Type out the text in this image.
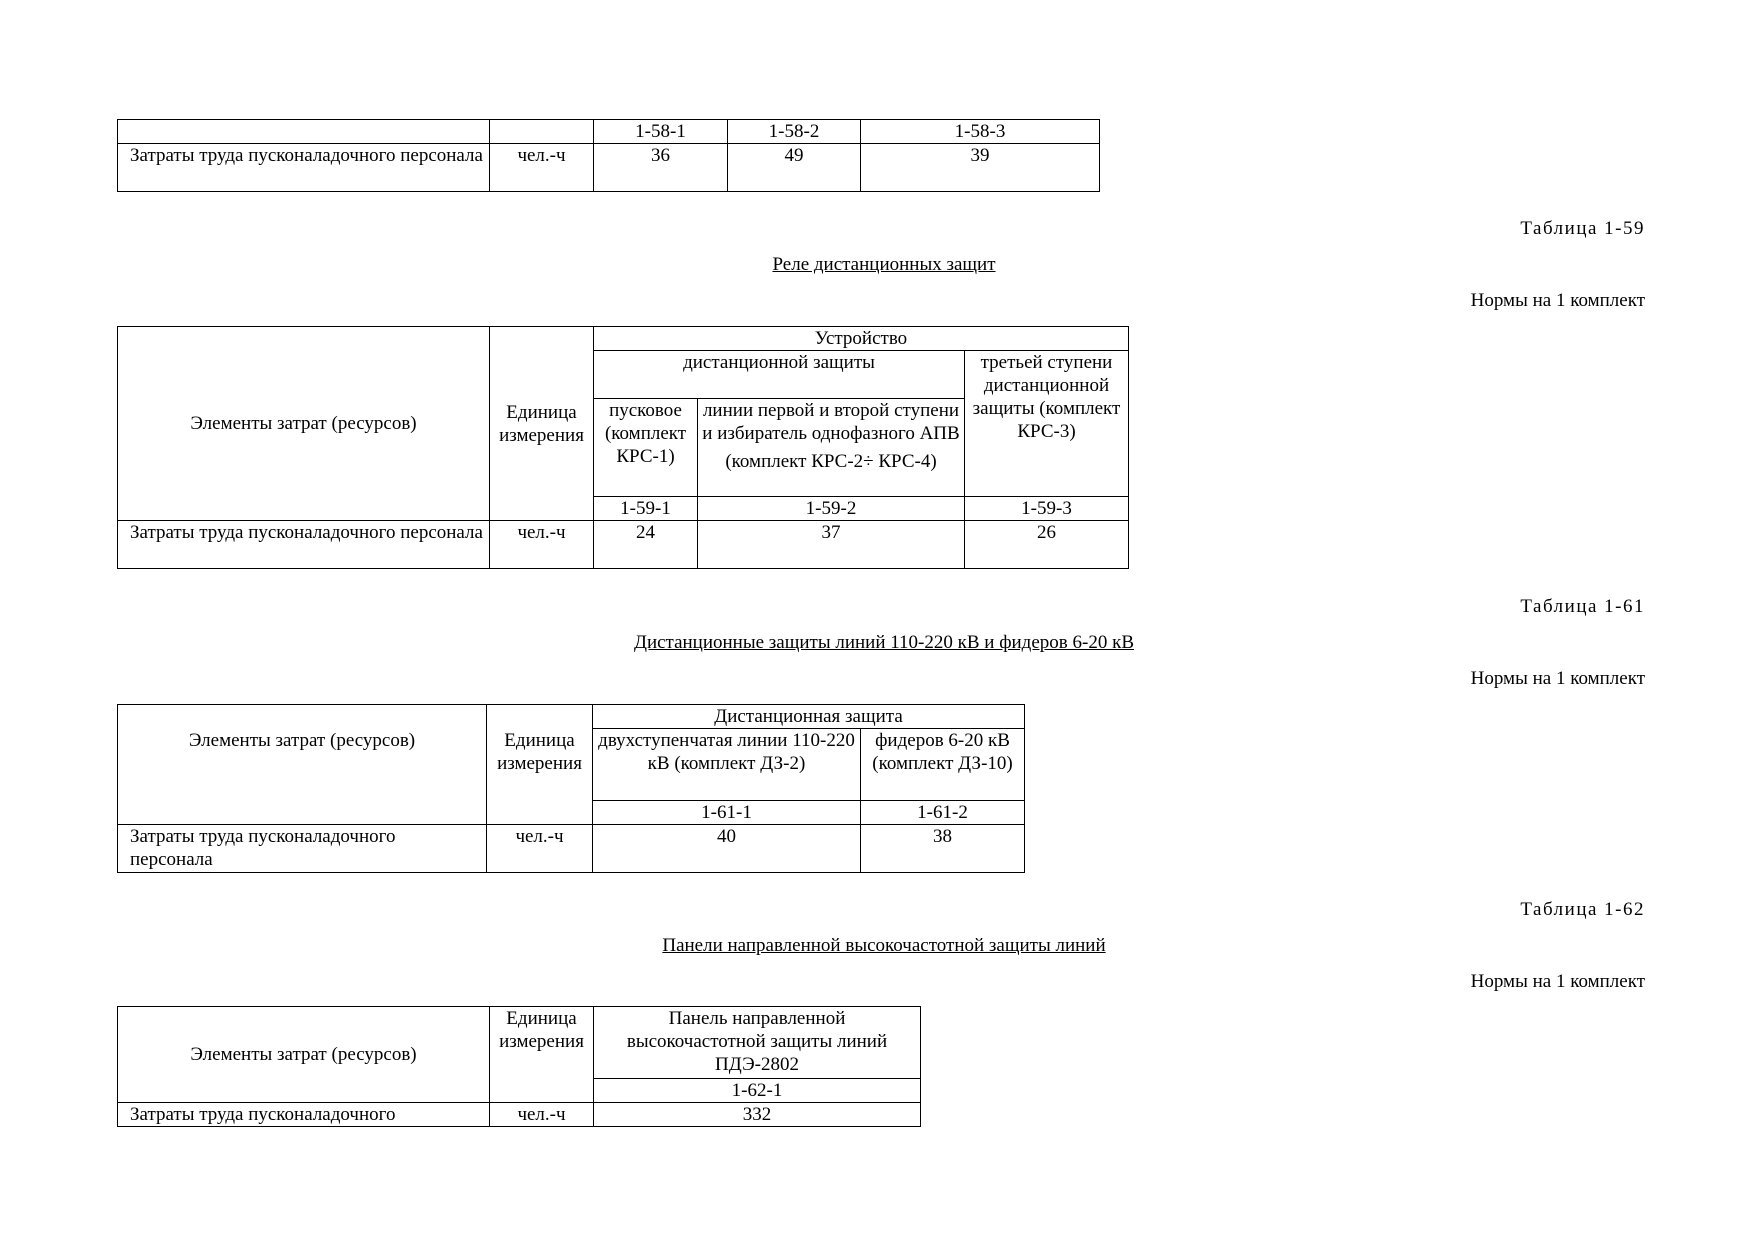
		1-58-1	1-58-2	1-58-3
Затраты труда пусконаладочного персонала	чел.-ч	36	49	39
Таблица 1-59
Реле дистанционных защит
Нормы на 1 комплект
Элементы затрат (ресурсов)	Единица измерения	Устройство		
		дистанционной защиты		третьей ступени дистанционной защиты (комплект КРС-3)
		пусковое (комплект КРС-1)	линии первой и второй ступени и избиратель однофазного АПВ
(комплект КРС-2÷ КРС-4)	

		1-59-1	1-59-2	1-59-3
Затраты труда пусконаладочного персонала	чел.-ч	24	37	26
Таблица 1-61
Дистанционные защиты линий 110-220 кВ и фидеров 6-20 кВ
Нормы на 1 комплект
Элементы затрат (ресурсов)	Единица измерения	Дистанционная защита	
		двухступенчатая линии 110-220 кВ (комплект ДЗ-2)	фидеров 6-20 кВ (комплект ДЗ-10)
		1-61-1	1-61-2
Затраты труда пусконаладочного персонала	чел.-ч	40	38
Таблица 1-62
Панели направленной высокочастотной защиты линий
Нормы на 1 комплект
Элементы затрат (ресурсов)	Единица измерения	Панель направленной высокочастотной защиты линий ПДЭ-2802
		1-62-1
Затраты труда пусконаладочного	чел.-ч	332
